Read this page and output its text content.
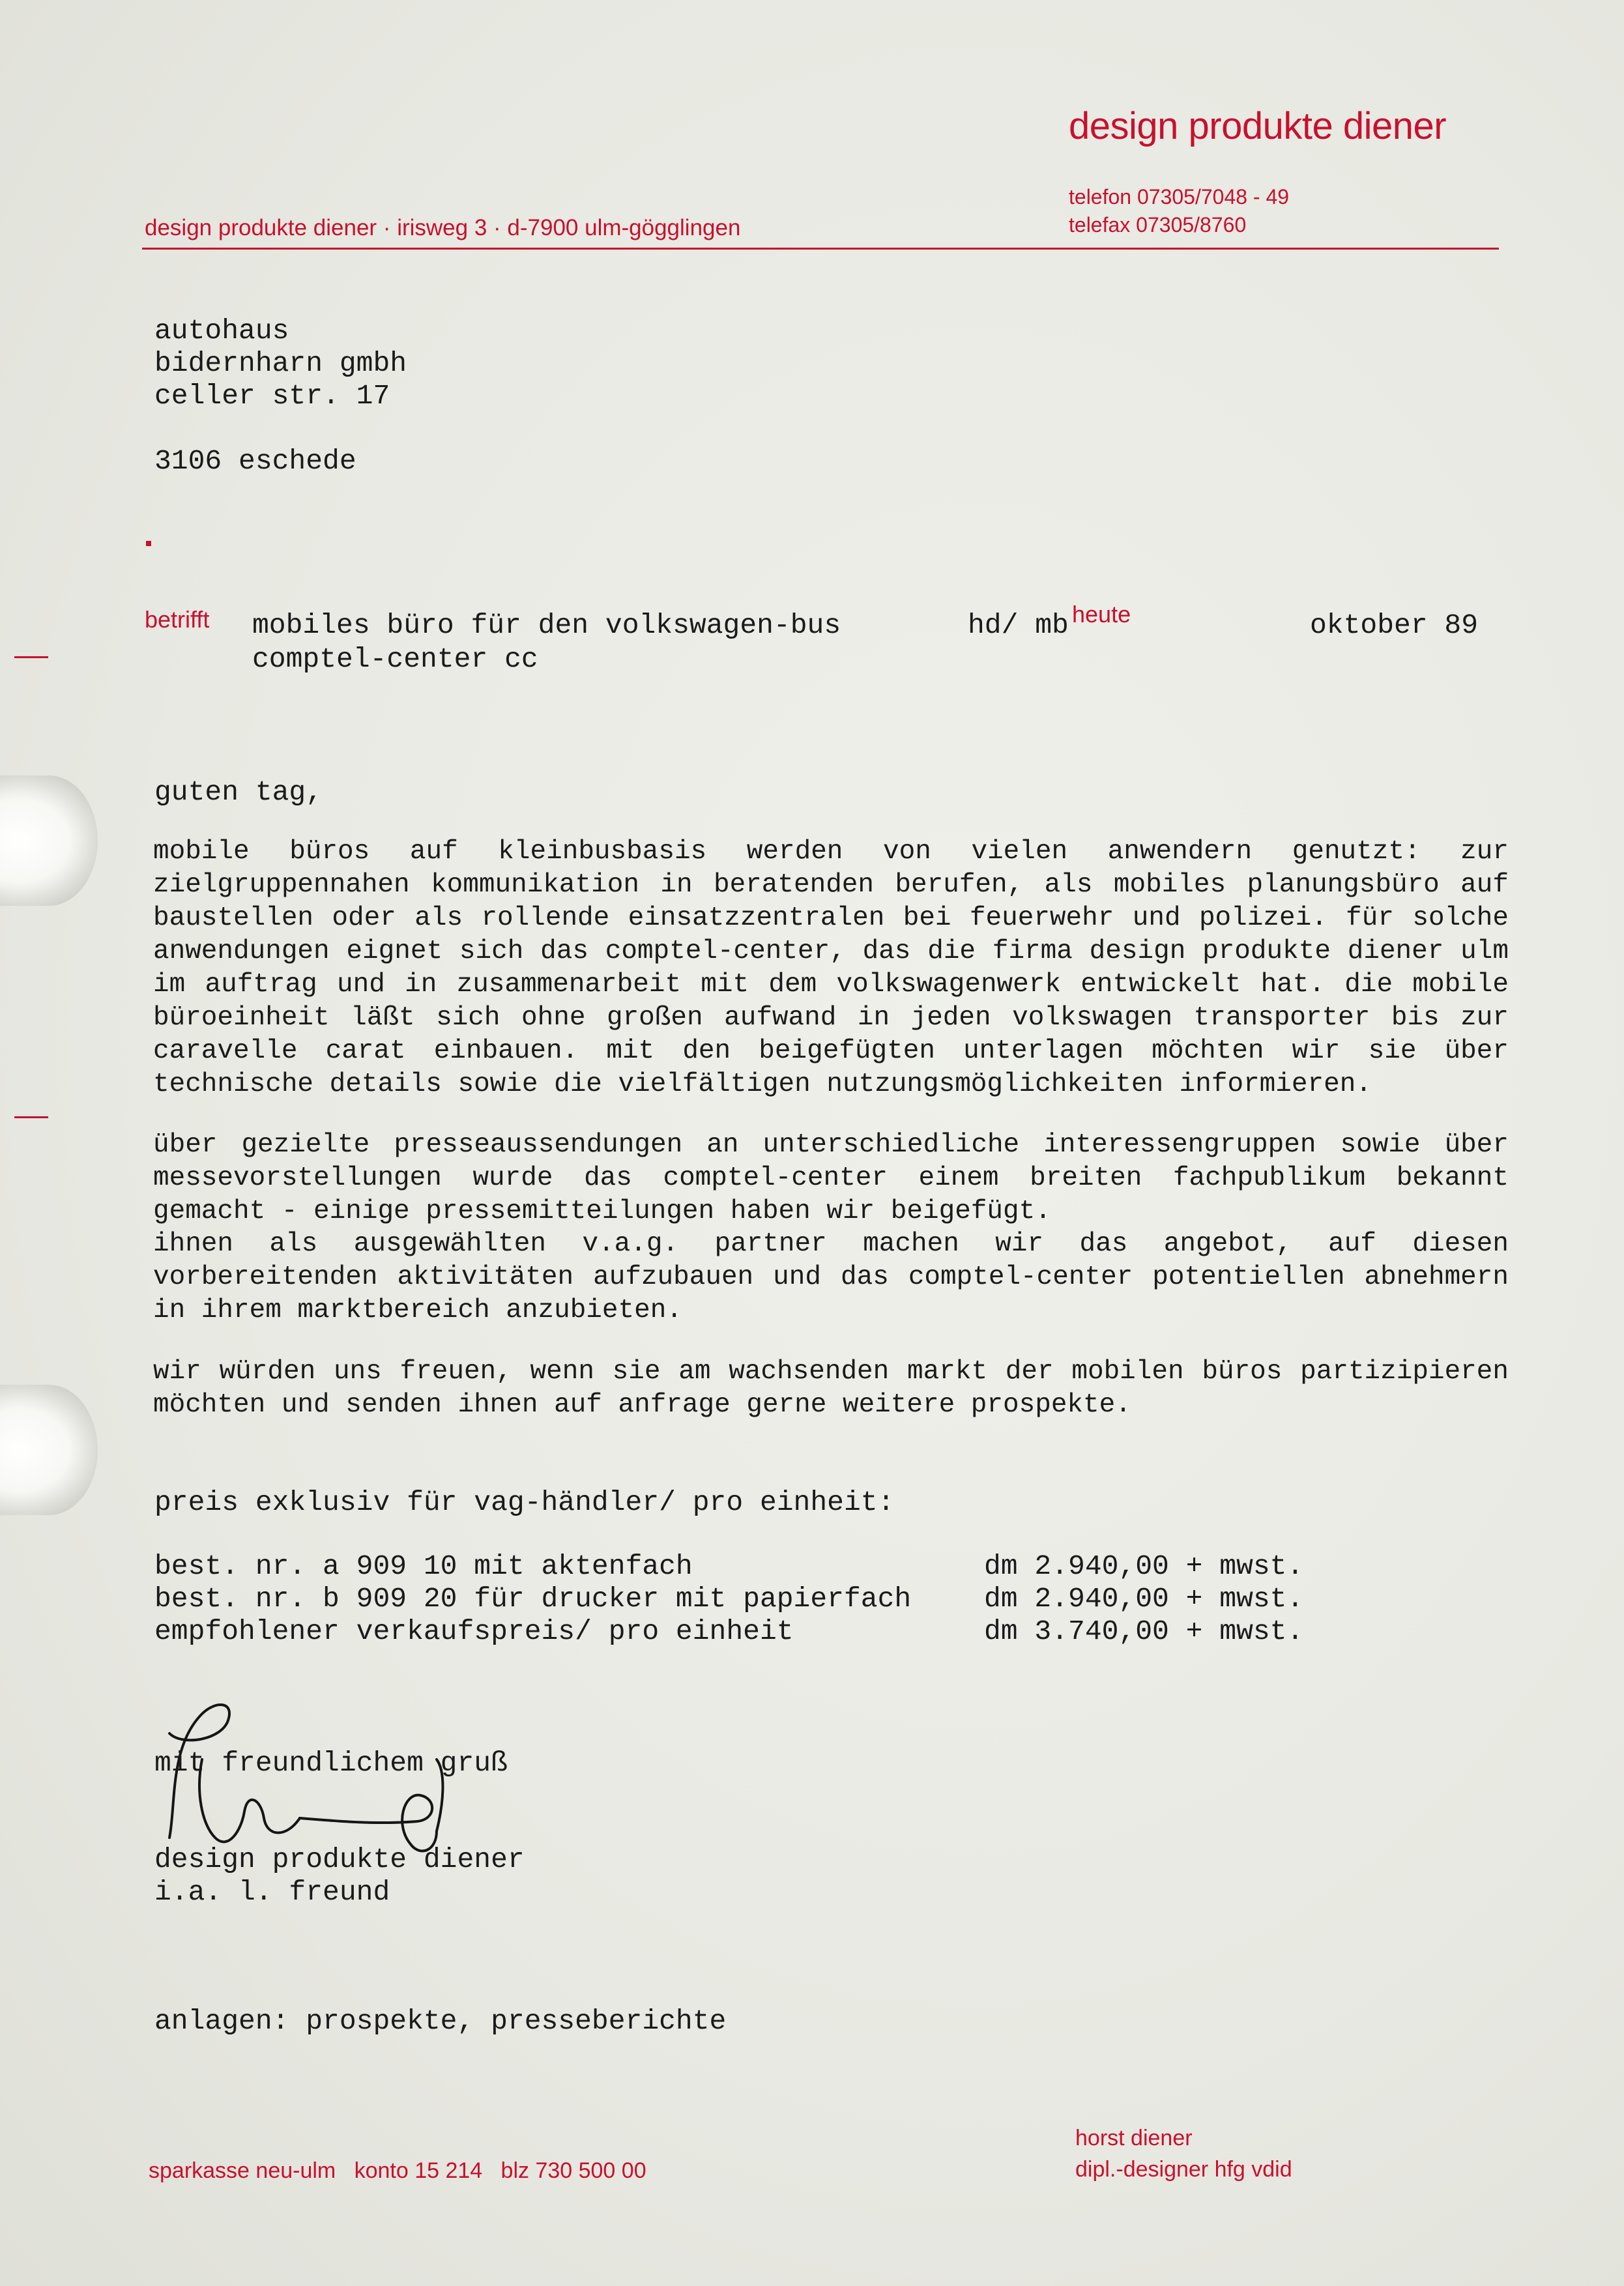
design produkte diener
telefon 07305/7048 - 49
telefax 07305/8760
design produkte diener · irisweg 3 · d-7900 ulm-gögglingen
autohaus
bidernharn gmbh
celler str. 17
3106 eschede
betrifft mobiles büro für den volkswagen-bus
comptel-center cc
hd/ mb heute	oktober 89
guten tag,

mobile büros auf kleinbusbasis werden von vielen anwendern genutzt: zur zielgruppennahen kommunikation in beratenden berufen, als mobiles planungsbüro auf baustellen oder als rollende einsatzzentralen bei feuerwehr und polizei. für solche anwendungen eignet sich das comptel-center, das die firma design produkte diener ulm im auftrag und in zusammenarbeit mit dem volkswagenwerk entwickelt hat. die mobile büroeinheit läßt sich ohne großen aufwand in jeden volkswagen transporter bis zur caravelle carat einbauen. mit den beigefügten unterlagen möchten wir sie über technische details sowie die vielfältigen nutzungsmöglichkeiten informieren.

über gezielte presseaussendungen an unterschiedliche interessengruppen sowie über messevorstellungen wurde das comptel-center einem breiten fachpublikum bekannt gemacht - einige pressemitteilungen haben wir beigefügt.

ihnen als ausgewählten v.a.g. partner machen wir das angebot, auf diesen vorbereitenden aktivitäten aufzubauen und das comptel-center potentiellen abnehmern in ihrem marktbereich anzubieten.

wir würden uns freuen, wenn sie am wachsenden markt der mobilen büros partizipieren möchten und senden ihnen auf anfrage gerne weitere prospekte.

preis exklusiv für vag-händler/ pro einheit:
best. nr. a 909 10 mit aktenfach	dm 2.940,00 + mwst.
best. nr. b 909 20 für drucker mit papierfach	dm 2.940,00 + mwst.
empfohlener verkaufspreis/ pro einheit	dm 3.740,00 + mwst.
mit freundlichem gruß
design produkte diener
i.a. l. freund
anlagen: prospekte, presseberichte
sparkasse neu-ulm   konto 15 214   blz 730 500 00
horst diener
dipl.-designer hfg vdid
